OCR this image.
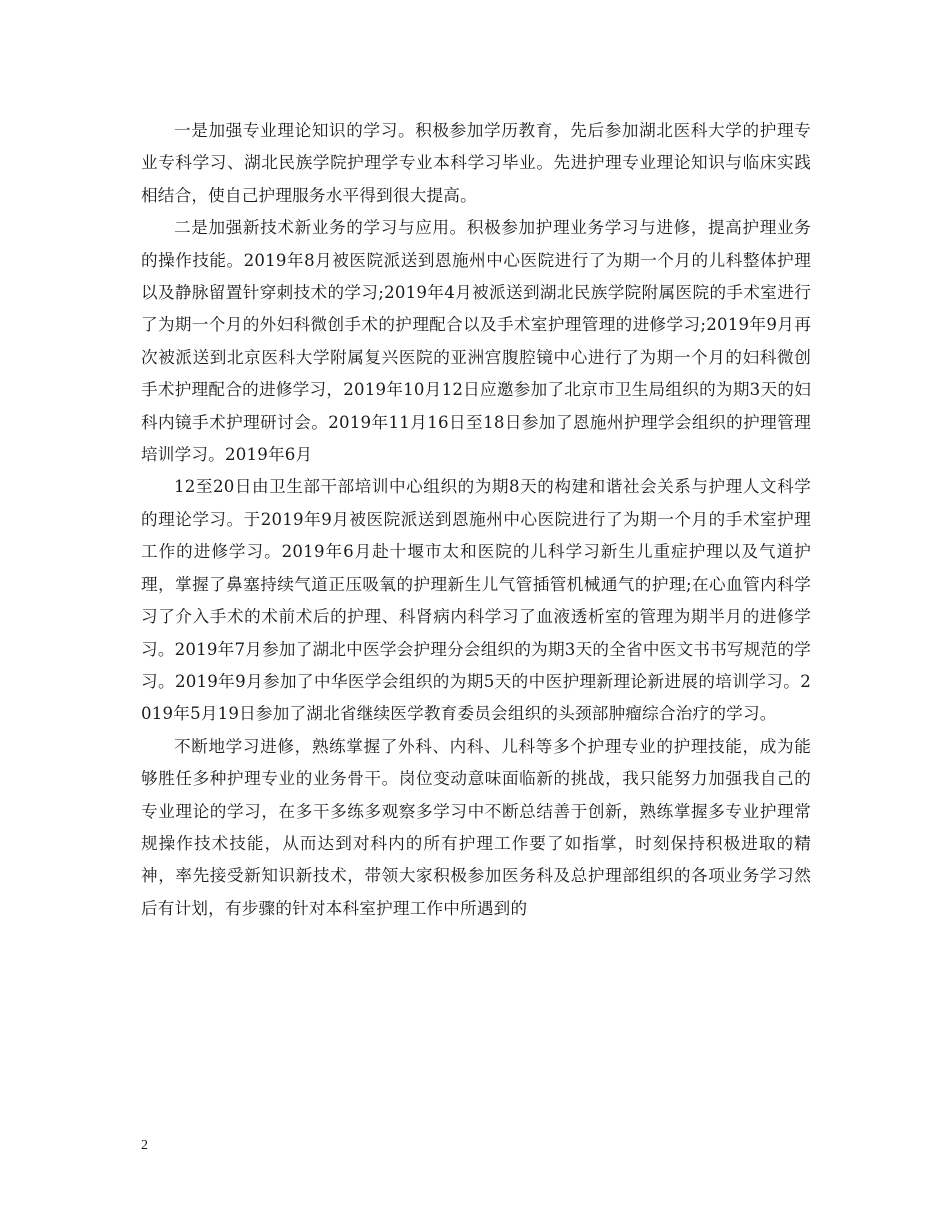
一是加强专业理论知识的学习。积极参加学历教育，先后参加湖北医科大学的护理专业专科学习、湖北民族学院护理学专业本科学习毕业。先进护理专业理论知识与临床实践相结合，使自己护理服务水平得到很大提高。

二是加强新技术新业务的学习与应用。积极参加护理业务学习与进修，提高护理业务的操作技能。2019年8月被医院派送到恩施州中心医院进行了为期一个月的儿科整体护理以及静脉留置针穿刺技术的学习;2019年4月被派送到湖北民族学院附属医院的手术室进行了为期一个月的外妇科微创手术的护理配合以及手术室护理管理的进修学习;2019年9月再次被派送到北京医科大学附属复兴医院的亚洲宫腹腔镜中心进行了为期一个月的妇科微创手术护理配合的进修学习，2019年10月12日应邀参加了北京市卫生局组织的为期3天的妇科内镜手术护理研讨会。2019年11月16日至18日参加了恩施州护理学会组织的护理管理培训学习。2019年6月

12至20日由卫生部干部培训中心组织的为期8天的构建和谐社会关系与护理人文科学的理论学习。于2019年9月被医院派送到恩施州中心医院进行了为期一个月的手术室护理工作的进修学习。2019年6月赴十堰市太和医院的儿科学习新生儿重症护理以及气道护理，掌握了鼻塞持续气道正压吸氧的护理新生儿气管插管机械通气的护理;在心血管内科学习了介入手术的术前术后的护理、科肾病内科学习了血液透析室的管理为期半月的进修学习。2019年7月参加了湖北中医学会护理分会组织的为期3天的全省中医文书书写规范的学习。2019年9月参加了中华医学会组织的为期5天的中医护理新理论新进展的培训学习。2019年5月19日参加了湖北省继续医学教育委员会组织的头颈部肿瘤综合治疗的学习。

不断地学习进修，熟练掌握了外科、内科、儿科等多个护理专业的护理技能，成为能够胜任多种护理专业的业务骨干。岗位变动意味面临新的挑战，我只能努力加强我自己的专业理论的学习，在多干多练多观察多学习中不断总结善于创新，熟练掌握多专业护理常规操作技术技能，从而达到对科内的所有护理工作要了如指掌，时刻保持积极进取的精神，率先接受新知识新技术，带领大家积极参加医务科及总护理部组织的各项业务学习然后有计划，有步骤的针对本科室护理工作中所遇到的

2
